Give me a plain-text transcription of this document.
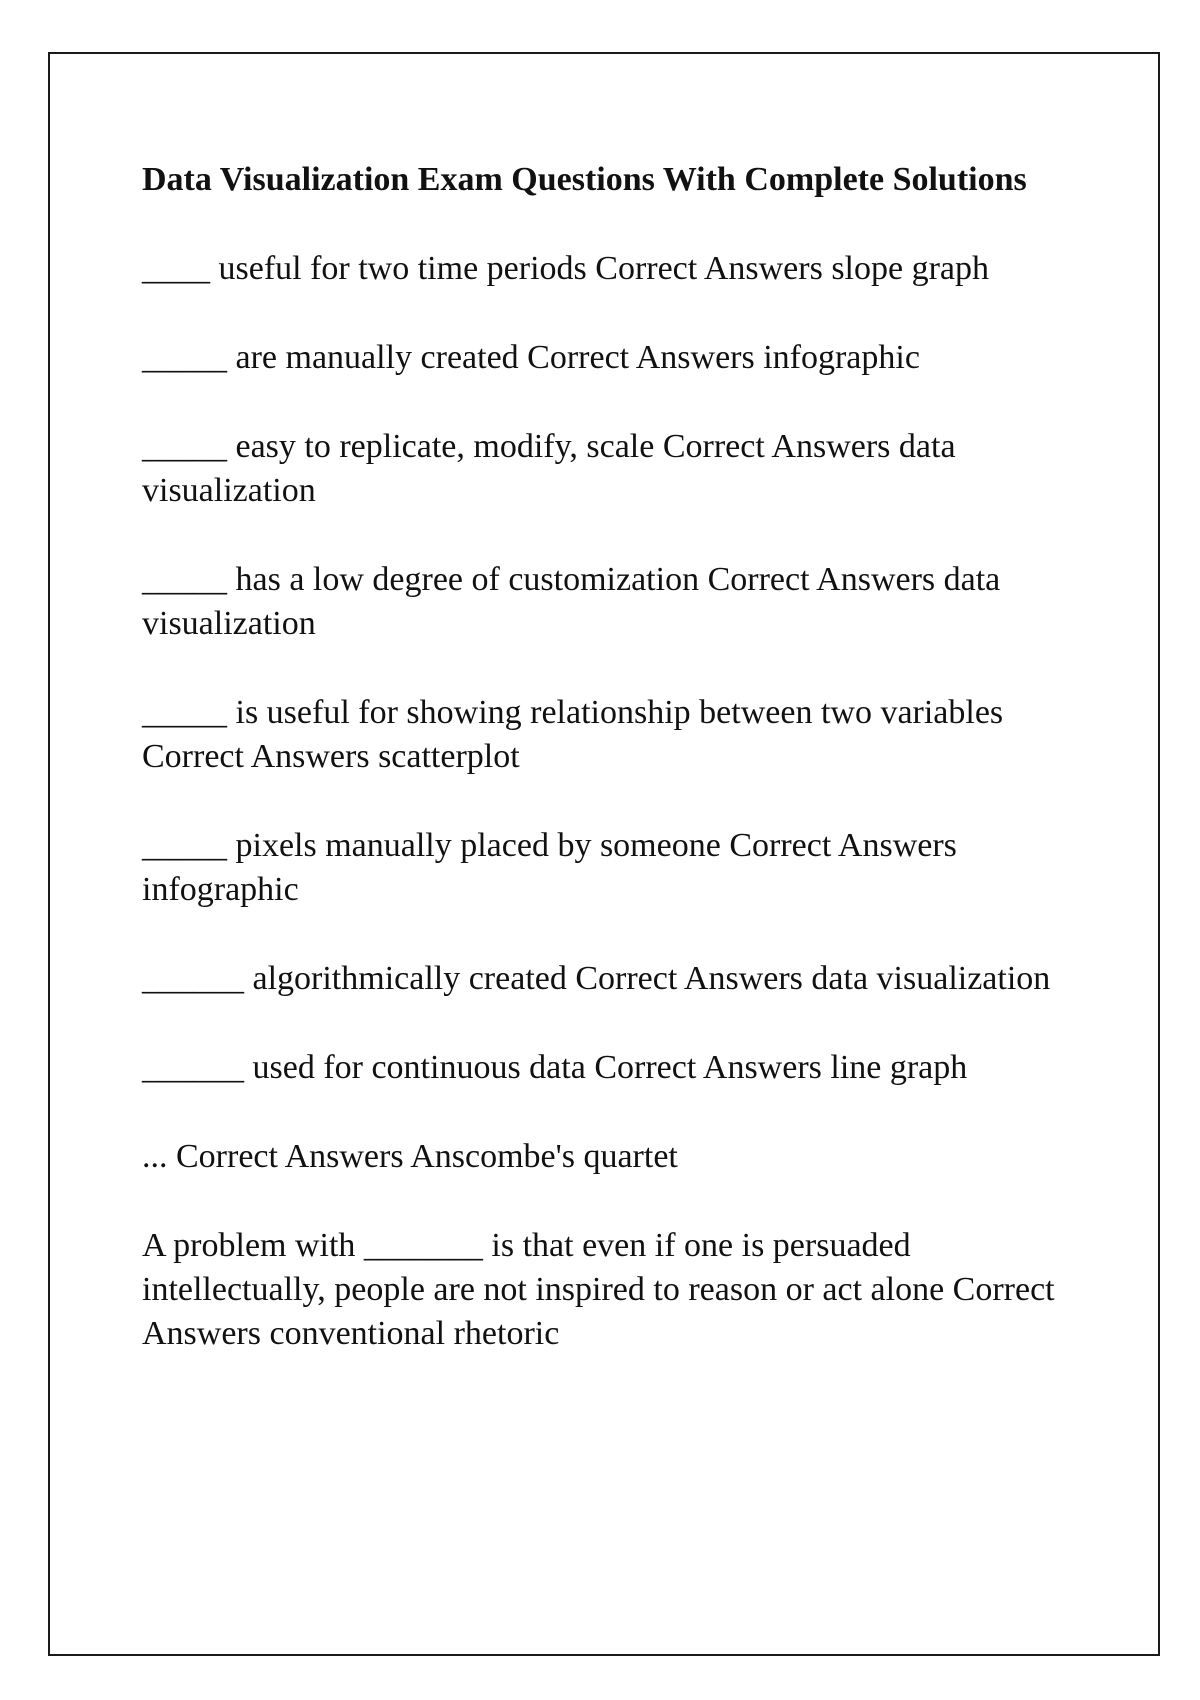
Data Visualization Exam Questions With Complete Solutions
____ useful for two time periods Correct Answers slope graph
_____ are manually created Correct Answers infographic
_____ easy to replicate, modify, scale Correct Answers data visualization
_____ has a low degree of customization Correct Answers data visualization
_____ is useful for showing relationship between two variables Correct Answers scatterplot
_____ pixels manually placed by someone Correct Answers infographic
______ algorithmically created Correct Answers data visualization
______ used for continuous data Correct Answers line graph
... Correct Answers Anscombe's quartet
A problem with _______ is that even if one is persuaded intellectually, people are not inspired to reason or act alone Correct Answers conventional rhetoric
